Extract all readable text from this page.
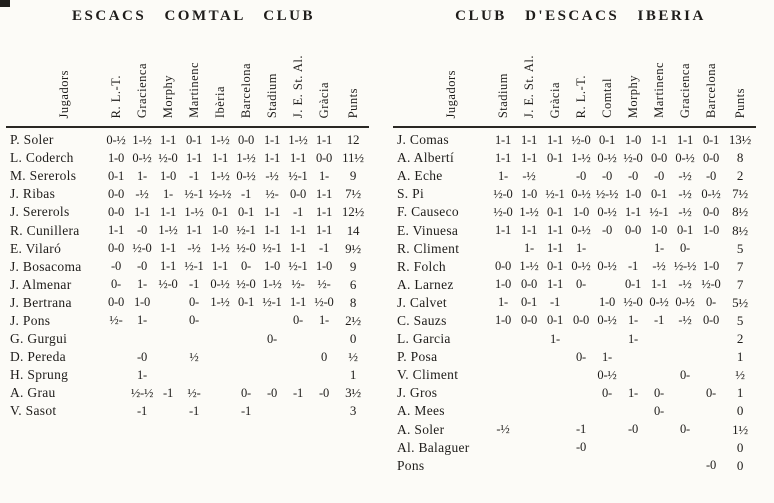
ESCACS COMTAL CLUB
Jugadors	R. L.-T.	Gracienca	Morphy	Martinenc	Ibèria	Barcelona	Stadium	J. E. St. Al.	Gràcia	Punts
P. Soler	0-½	1-½	1-1	0-1	1-½	0-0	1-1	1-½	1-1	12
L. Coderch	1-0	0-½	½-0	1-1	1-1	1-½	1-1	1-1	0-0	11½
M. Sererols	0-1	1-	1-0	-1	1-½	0-½	-½	½-1	1-	9
J. Ribas	0-0	-½	1-	½-1	½-½	-1	½-	0-0	1-1	7½
J. Sererols	0-0	1-1	1-1	1-½	0-1	0-1	1-1	-1	1-1	12½
R. Cunillera	1-1	-0	1-½	1-1	1-0	½-1	1-1	1-1	1-1	14
E. Vilaró	0-0	½-0	1-1	-½	1-½	½-0	½-1	1-1	-1	9½
J. Bosacoma	-0	-0	1-1	½-1	1-1	0-	1-0	½-1	1-0	9
J. Almenar	0-	1-	½-0	-1	0-½	½-0	1-½	½-	½-	6
J. Bertrana	0-0	1-0		0-	1-½	0-1	½-1	1-1	½-0	8
J. Pons	½-	1-		0-				0-	1-	2½
G. Gurgui							0-			0
D. Pereda		-0		½					0	½
H. Sprung		1-								1
A. Grau		½-½	-1	½-		0-	-0	-1	-0	3½
V. Sasot		-1		-1		-1				3
CLUB D'ESCACS IBERIA
Jugadors	Stadium	J. E. St. Al.	Gràcia	R. L.-T.	Comtal	Morphy	Martinenc	Gracienca	Barcelona	Punts
J. Comas	1-1	1-1	1-1	½-0	0-1	1-0	1-1	1-1	0-1	13½
A. Albertí	1-1	1-1	0-1	1-½	0-½	½-0	0-0	0-½	0-0	8
A. Eche	1-	-½		-0	-0	-0	-0	-½	-0	2
S. Pi	½-0	1-0	½-1	0-½	½-½	1-0	0-1	-½	0-½	7½
F. Causeco	½-0	1-½	0-1	1-0	0-½	1-1	½-1	-½	0-0	8½
E. Vinuesa	1-1	1-1	1-1	0-½	-0	0-0	1-0	0-1	1-0	8½
R. Climent		1-	1-1	1-			1-	0-		5
R. Folch	0-0	1-½	0-1	0-½	0-½	-1	-½	½-½	1-0	7
A. Larnez	1-0	0-0	1-1	0-		0-1	1-1	-½	½-0	7
J. Calvet	1-	0-1	-1		1-0	½-0	0-½	0-½	0-	5½
C. Sauzs	1-0	0-0	0-1	0-0	0-½	1-	-1	-½	0-0	5
L. Garcia			1-			1-				2
P. Posa				0-	1-					1
V. Climent					0-½			0-		½
J. Gros					0-	1-	0-		0-	1
A. Mees							0-			0
A. Soler	-½			-1		-0		0-		1½
Al. Balaguer				-0						0
Pons									-0	0
